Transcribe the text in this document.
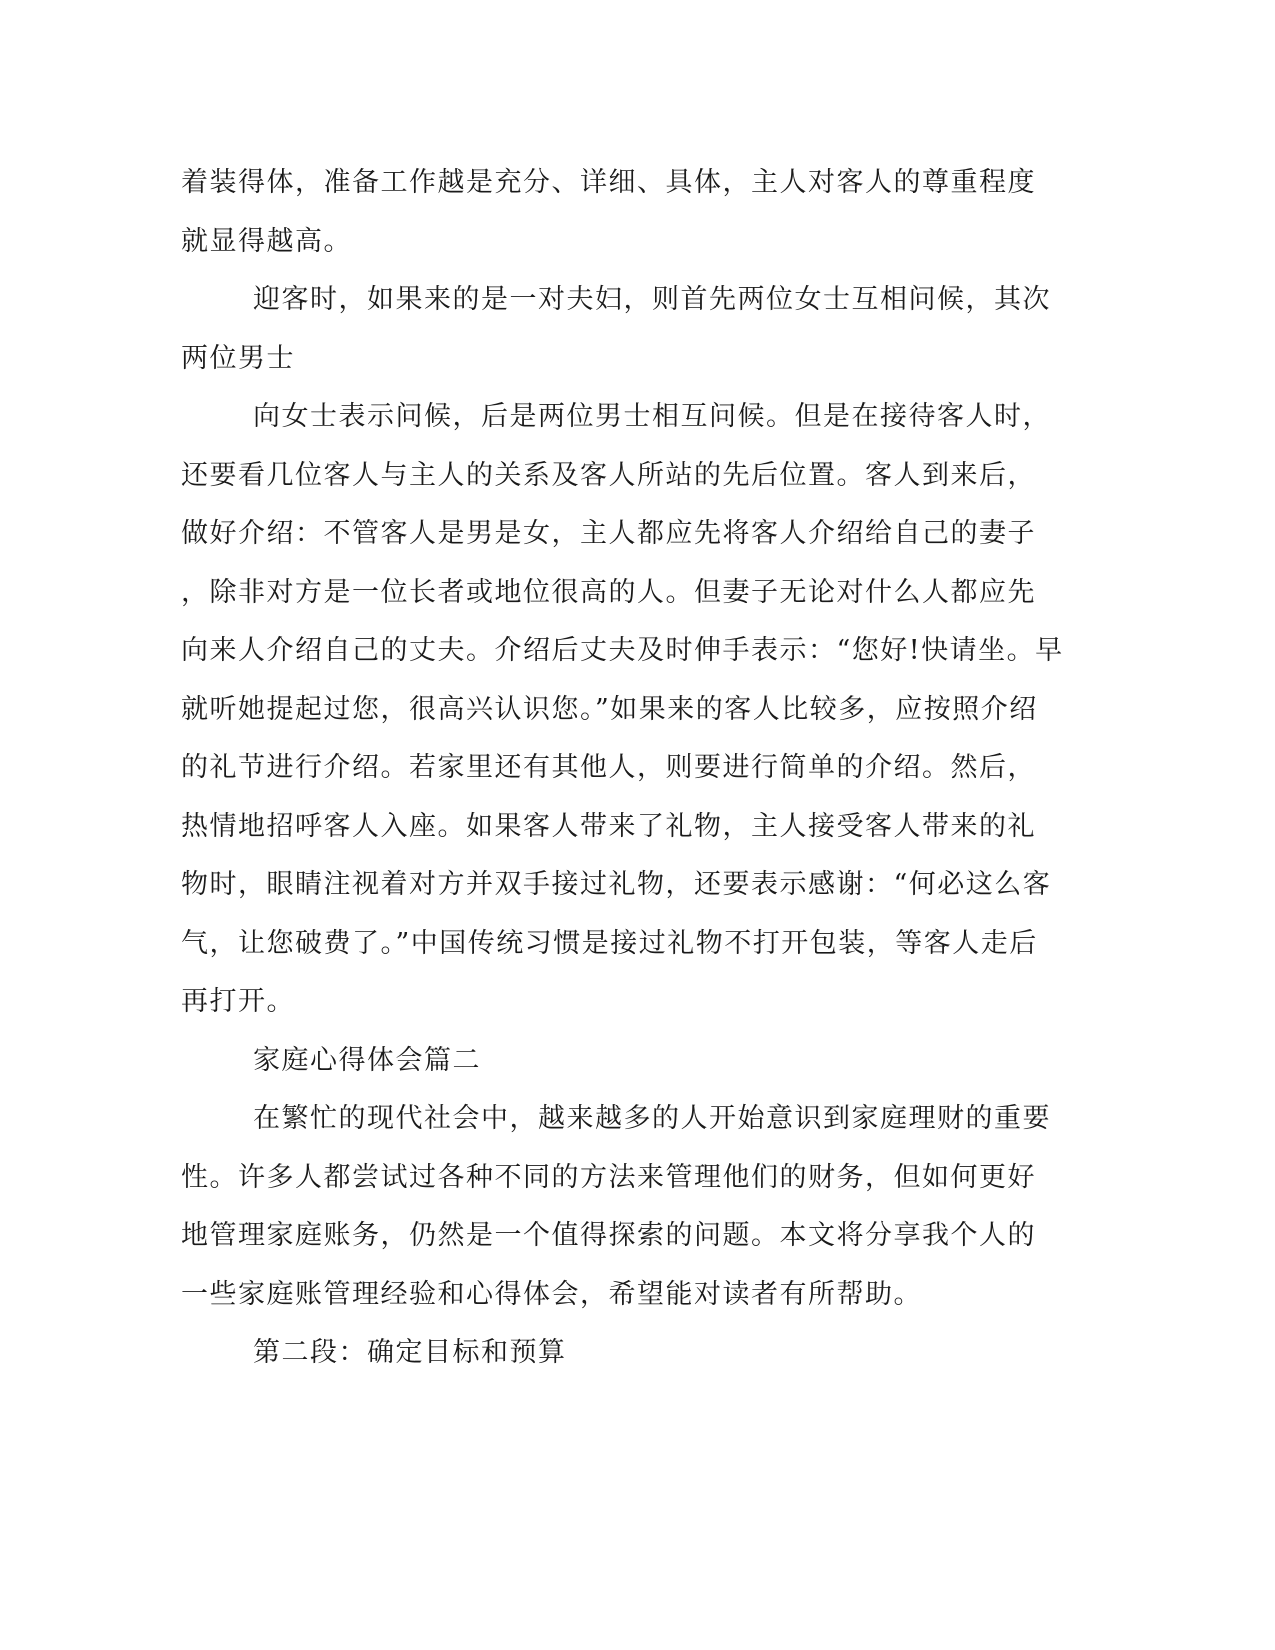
着装得体，准备工作越是充分、详细、具体，主人对客人的尊重程度
就显得越高。
迎客时，如果来的是一对夫妇，则首先两位女士互相问候，其次
两位男士
向女士表示问候，后是两位男士相互问候。但是在接待客人时，
还要看几位客人与主人的关系及客人所站的先后位置。客人到来后，
做好介绍：不管客人是男是女，主人都应先将客人介绍给自己的妻子
，除非对方是一位长者或地位很高的人。但妻子无论对什么人都应先
向来人介绍自己的丈夫。介绍后丈夫及时伸手表示：“您好!快请坐。早
就听她提起过您，很高兴认识您。”如果来的客人比较多，应按照介绍
的礼节进行介绍。若家里还有其他人，则要进行简单的介绍。然后，
热情地招呼客人入座。如果客人带来了礼物，主人接受客人带来的礼
物时，眼睛注视着对方并双手接过礼物，还要表示感谢：“何必这么客
气，让您破费了。”中国传统习惯是接过礼物不打开包装，等客人走后
再打开。
家庭心得体会篇二
在繁忙的现代社会中，越来越多的人开始意识到家庭理财的重要
性。许多人都尝试过各种不同的方法来管理他们的财务，但如何更好
地管理家庭账务，仍然是一个值得探索的问题。本文将分享我个人的
一些家庭账管理经验和心得体会，希望能对读者有所帮助。
第二段：确定目标和预算
